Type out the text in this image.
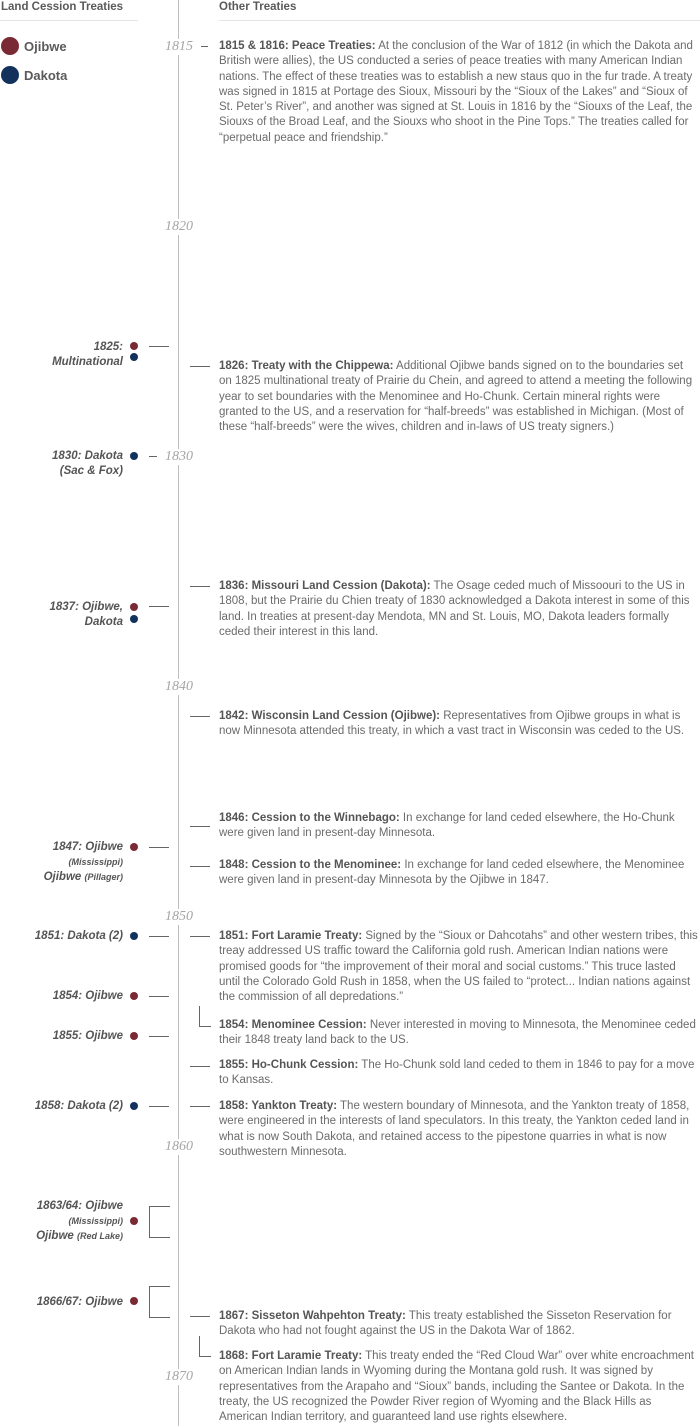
Land Cession Treaties	Other Treaties
Ojibwe
Dakota
1815
1820
1830
1840
1850
1860
1870
1825:
Multinational
1830: Dakota
(Sac & Fox)
1837: Ojibwe,
Dakota
1847: Ojibwe
(Mississippi)
Ojibwe (Pillager)
1851: Dakota (2)
1854: Ojibwe
1855: Ojibwe
1858: Dakota (2)
1863/64: Ojibwe
(Mississippi)
Ojibwe (Red Lake)
1866/67: Ojibwe
1815 & 1816: Peace Treaties: At the conclusion of the War of 1812 (in which the Dakota and British were allies), the US conducted a series of peace treaties with many American Indian nations. The effect of these treaties was to establish a new staus quo in the fur trade. A treaty was signed in 1815 at Portage des Sioux, Missouri by the “Sioux of the Lakes” and “Sioux of St. Peter’s River”, and another was signed at St. Louis in 1816 by the “Siouxs of the Leaf, the Siouxs of the Broad Leaf, and the Siouxs who shoot in the Pine Tops.” The treaties called for “perpetual peace and friendship.”
1826: Treaty with the Chippewa: Additional Ojibwe bands signed on to the boundaries set on 1825 multinational treaty of Prairie du Chein, and agreed to attend a meeting the following year to set boundaries with the Menominee and Ho-Chunk. Certain mineral rights were granted to the US, and a reservation for “half-breeds” was established in Michigan. (Most of these “half-breeds” were the wives, children and in-laws of US treaty signers.)
1836: Missouri Land Cession (Dakota): The Osage ceded much of Missoouri to the US in 1808, but the Prairie du Chien treaty of 1830 acknowledged a Dakota interest in some of this land. In treaties at present-day Mendota, MN and St. Louis, MO, Dakota leaders formally ceded their interest in this land.
1842: Wisconsin Land Cession (Ojibwe): Representatives from Ojibwe groups in what is now Minnesota attended this treaty, in which a vast tract in Wisconsin was ceded to the US.
1846: Cession to the Winnebago: In exchange for land ceded elsewhere, the Ho-Chunk were given land in present-day Minnesota.
1848: Cession to the Menominee: In exchange for land ceded elsewhere, the Menominee were given land in present-day Minnesota by the Ojibwe in 1847.
1851: Fort Laramie Treaty: Signed by the “Sioux or Dahcotahs” and other western tribes, this treay addressed US traffic toward the California gold rush. American Indian nations were promised goods for “the improvement of their moral and social customs.” This truce lasted until the Colorado Gold Rush in 1858, when the US failed to “protect... Indian nations against the commission of all depredations.”
1854: Menominee Cession: Never interested in moving to Minnesota, the Menominee ceded their 1848 treaty land back to the US.
1855: Ho-Chunk Cession: The Ho-Chunk sold land ceded to them in 1846 to pay for a move to Kansas.
1858: Yankton Treaty: The western boundary of Minnesota, and the Yankton treaty of 1858, were engineered in the interests of land speculators. In this treaty, the Yankton ceded land in what is now South Dakota, and retained access to the pipestone quarries in what is now southwestern Minnesota.
1867: Sisseton Wahpehton Treaty: This treaty established the Sisseton Reservation for Dakota who had not fought against the US in the Dakota War of 1862.
1868: Fort Laramie Treaty: This treaty ended the “Red Cloud War” over white encroachment on American Indian lands in Wyoming during the Montana gold rush. It was signed by representatives from the Arapaho and “Sioux” bands, including the Santee or Dakota. In the treaty, the US recognized the Powder River region of Wyoming and the Black Hills as American Indian territory, and guaranteed land use rights elsewhere.
